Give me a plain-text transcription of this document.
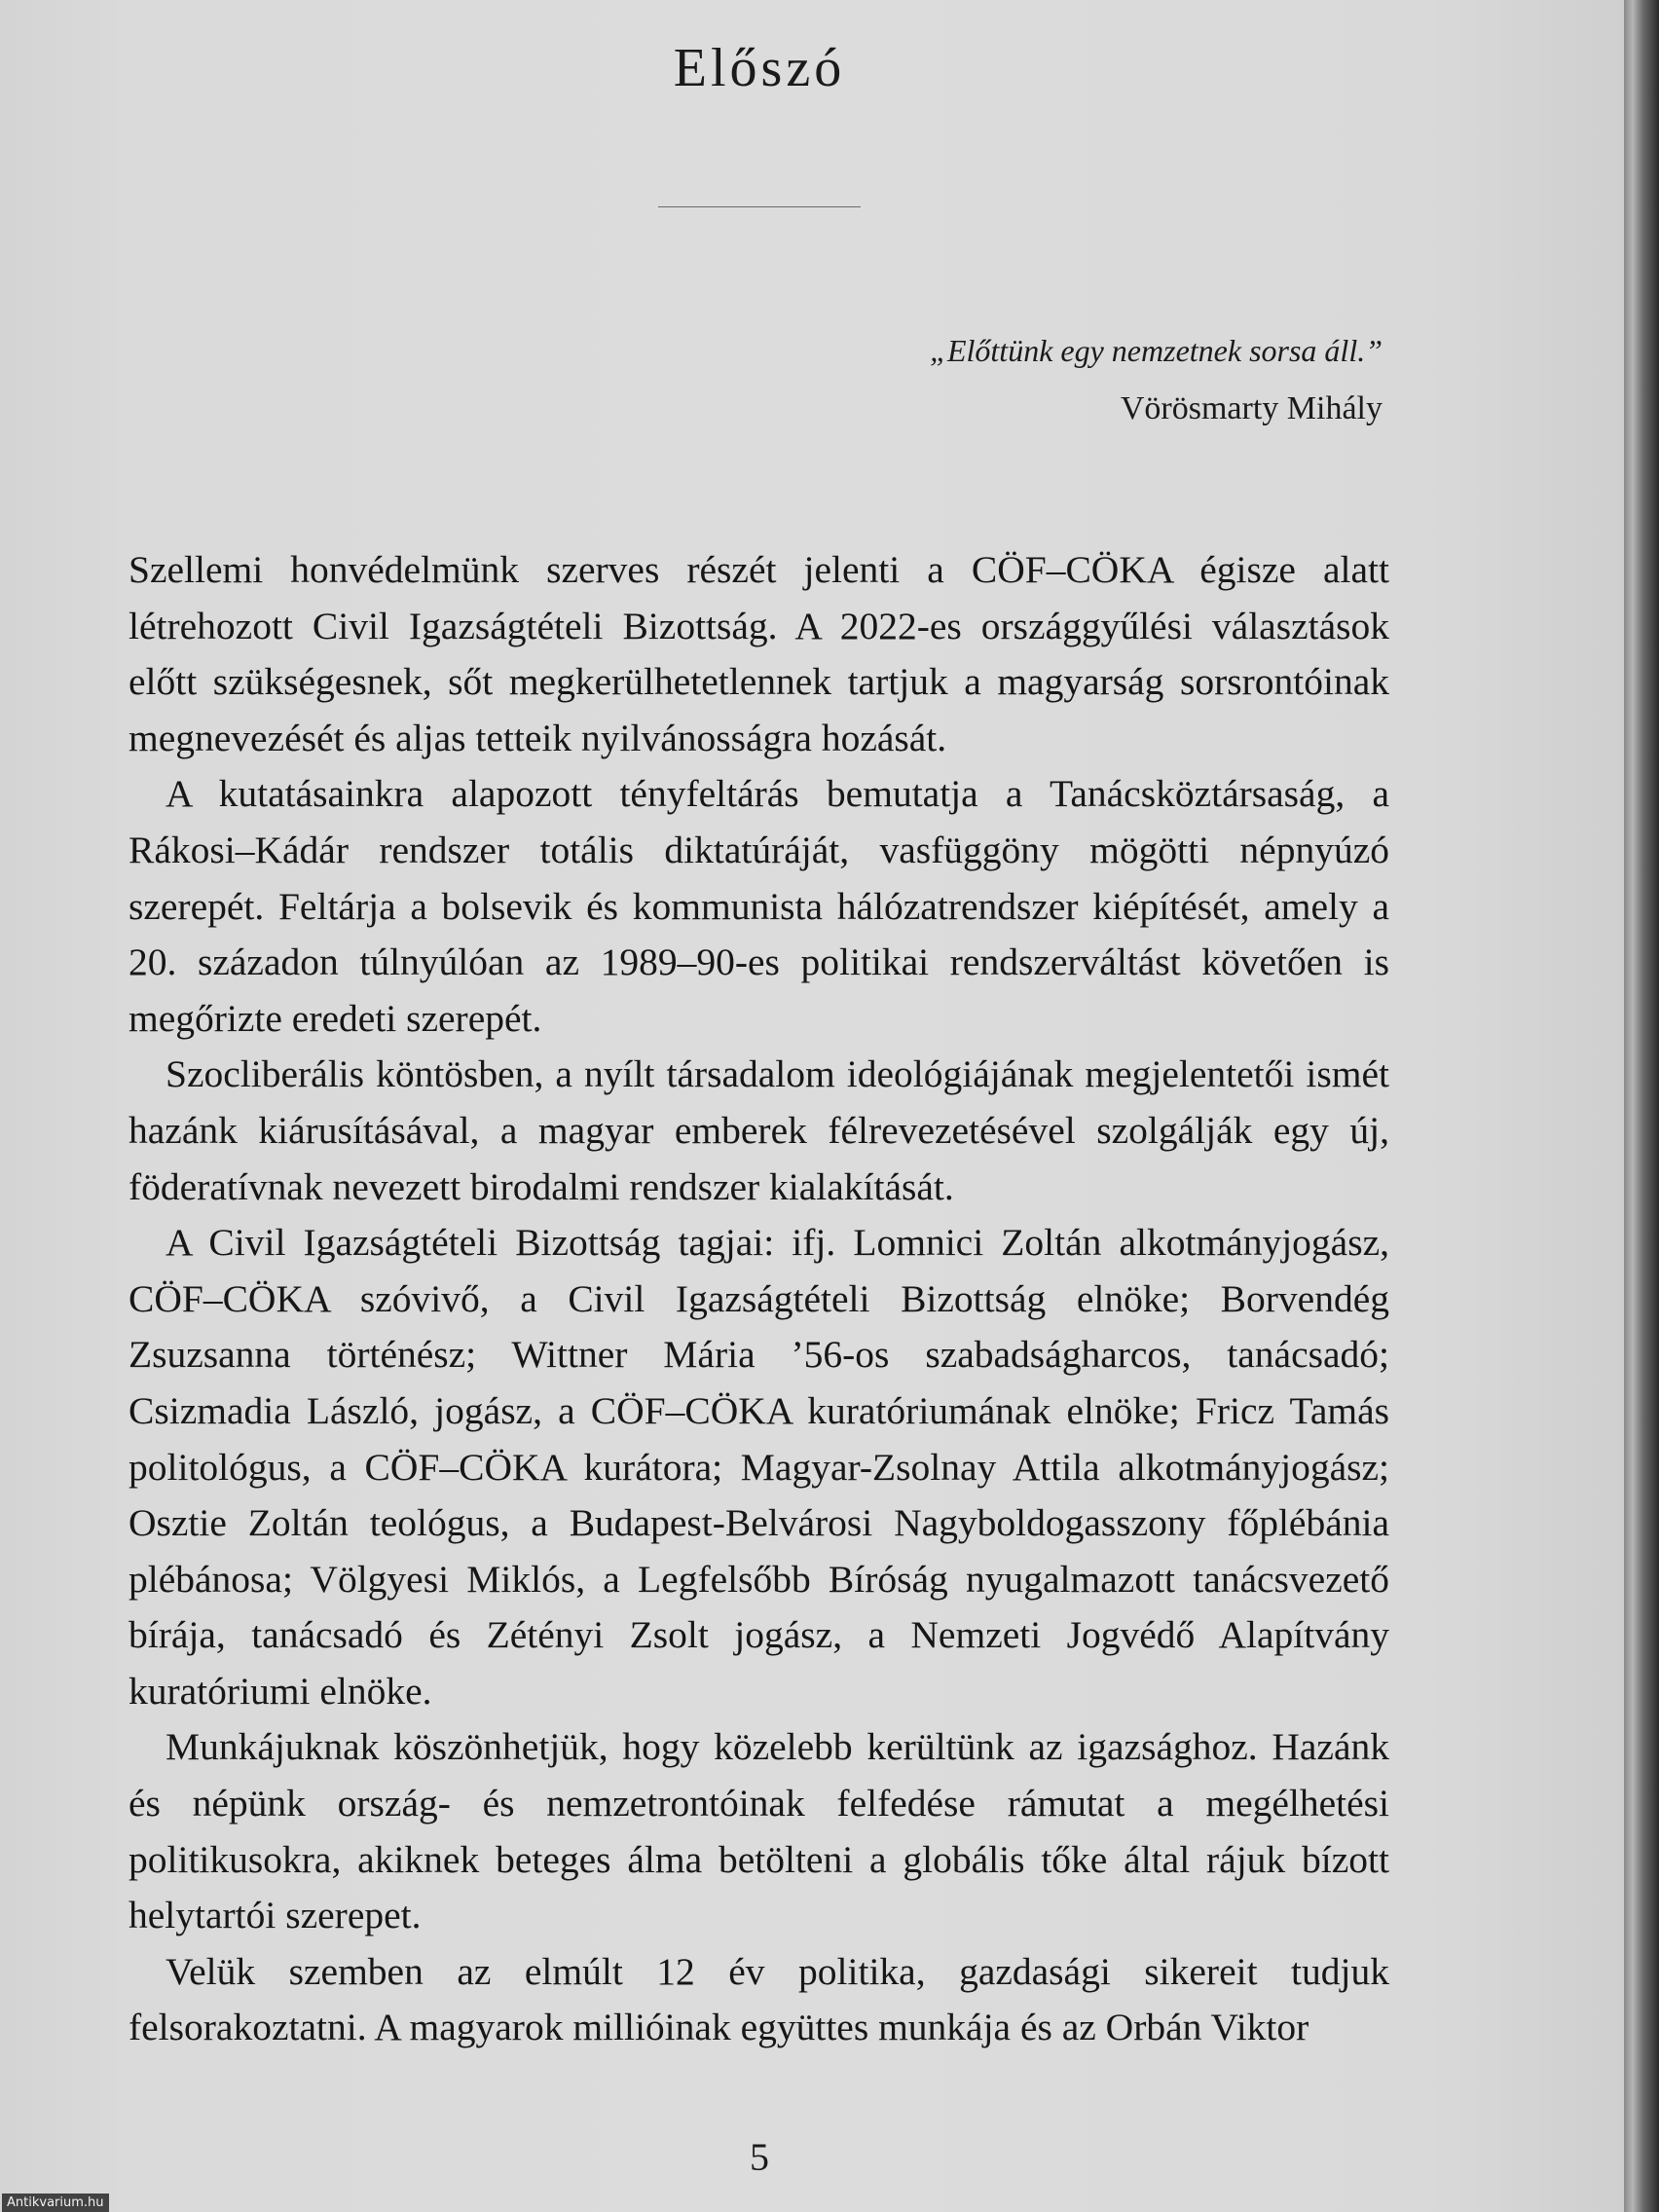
Előszó

„Előttünk egy nemzetnek sorsa áll.”

Vörösmarty Mihály

Szellemi honvédelmünk szerves részét jelenti a CÖF–CÖKA égisze alatt létrehozott Civil Igazságtételi Bizottság. A 2022-es országgyűlési választások előtt szükségesnek, sőt megkerülhetetlennek tartjuk a magyarság sorsrontóinak megnevezését és aljas tetteik nyilvánosságra hozását.

A kutatásainkra alapozott tényfeltárás bemutatja a Tanácsköztársaság, a Rákosi–Kádár rendszer totális diktatúráját, vasfüggöny mögötti népnyúzó szerepét. Feltárja a bolsevik és kommunista hálózatrendszer kiépítését, amely a 20. századon túlnyúlóan az 1989–90-es politikai rendszerváltást követően is megőrizte eredeti szerepét.

Szocliberális köntösben, a nyílt társadalom ideológiájának megjelentetői ismét hazánk kiárusításával, a magyar emberek félrevezetésével szolgálják egy új, föderatívnak nevezett birodalmi rendszer kialakítását.

A Civil Igazságtételi Bizottság tagjai: ifj. Lomnici Zoltán alkotmányjogász, CÖF–CÖKA szóvivő, a Civil Igazságtételi Bizottság elnöke; Borvendég Zsuzsanna történész; Wittner Mária ’56-os szabadságharcos, tanácsadó; Csizmadia László, jogász, a CÖF–CÖKA kuratóriumának elnöke; Fricz Tamás politológus, a CÖF–CÖKA kurátora; Magyar-Zsolnay Attila alkotmányjogász; Osztie Zoltán teológus, a Budapest-Belvárosi Nagyboldogasszony főplébánia plébánosa; Völgyesi Miklós, a Legfelsőbb Bíróság nyugalmazott tanácsvezető bírája, tanácsadó és Zétényi Zsolt jogász, a Nemzeti Jogvédő Alapítvány kuratóriumi elnöke.

Munkájuknak köszönhetjük, hogy közelebb kerültünk az igazsághoz. Hazánk és népünk ország- és nemzetrontóinak felfedése rámutat a megélhetési politikusokra, akiknek beteges álma betölteni a globális tőke által rájuk bízott helytartói szerepet.

Velük szemben az elmúlt 12 év politika, gazdasági sikereit tudjuk felsorakoztatni. A magyarok millióinak együttes munkája és az Orbán Viktor

5
Antikvarium.hu
